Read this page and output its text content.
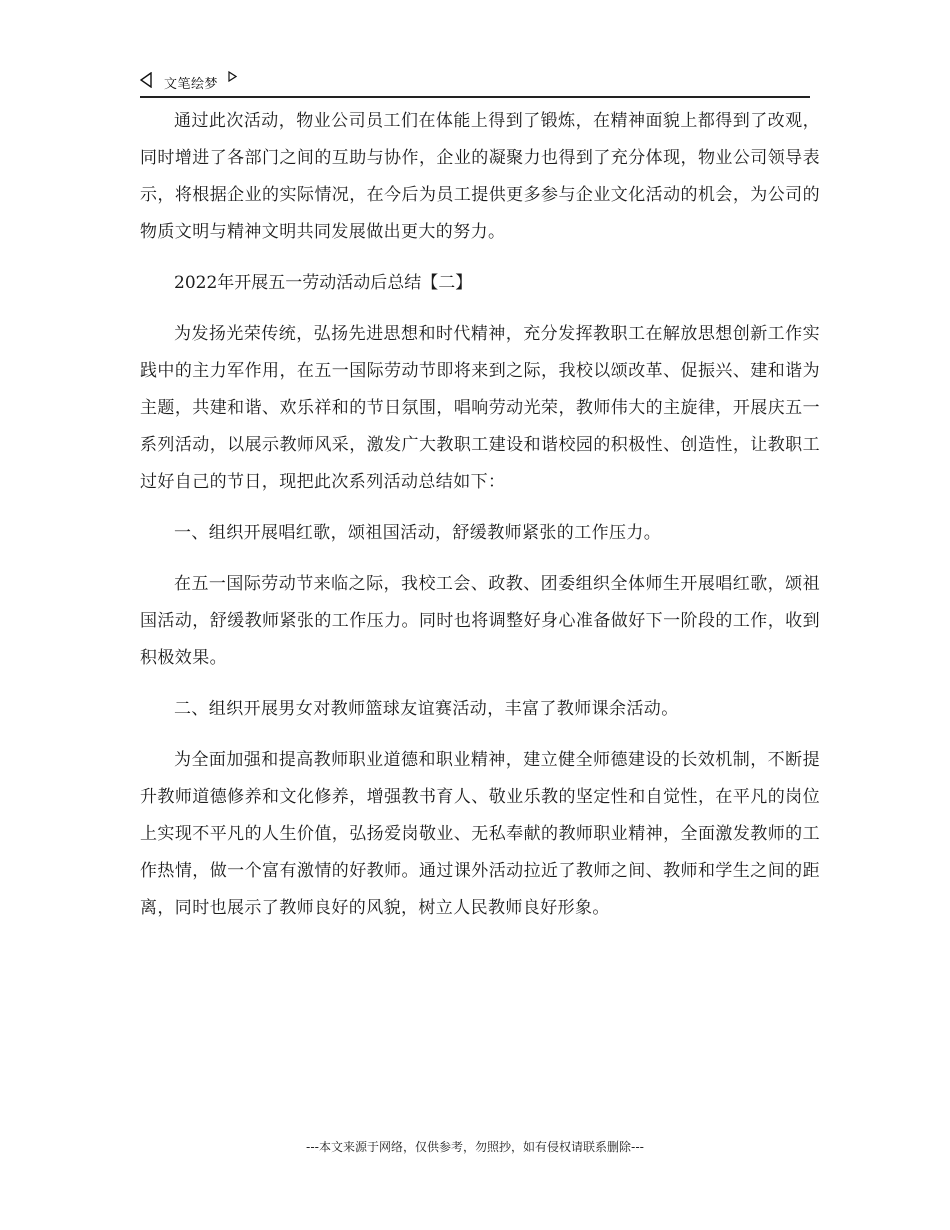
文笔绘梦

通过此次活动，物业公司员工们在体能上得到了锻炼，在精神面貌上都得到了改观，同时增进了各部门之间的互助与协作，企业的凝聚力也得到了充分体现，物业公司领导表示，将根据企业的实际情况，在今后为员工提供更多参与企业文化活动的机会，为公司的物质文明与精神文明共同发展做出更大的努力。

2022年开展五一劳动活动后总结【二】

为发扬光荣传统，弘扬先进思想和时代精神，充分发挥教职工在解放思想创新工作实践中的主力军作用，在五一国际劳动节即将来到之际，我校以颂改革、促振兴、建和谐为主题，共建和谐、欢乐祥和的节日氛围，唱响劳动光荣，教师伟大的主旋律，开展庆五一系列活动，以展示教师风采，激发广大教职工建设和谐校园的积极性、创造性，让教职工过好自己的节日，现把此次系列活动总结如下：

一、组织开展唱红歌，颂祖国活动，舒缓教师紧张的工作压力。

在五一国际劳动节来临之际，我校工会、政教、团委组织全体师生开展唱红歌，颂祖国活动，舒缓教师紧张的工作压力。同时也将调整好身心准备做好下一阶段的工作，收到积极效果。

二、组织开展男女对教师篮球友谊赛活动，丰富了教师课余活动。

为全面加强和提高教师职业道德和职业精神，建立健全师德建设的长效机制，不断提升教师道德修养和文化修养，增强教书育人、敬业乐教的坚定性和自觉性，在平凡的岗位上实现不平凡的人生价值，弘扬爱岗敬业、无私奉献的教师职业精神，全面激发教师的工作热情，做一个富有激情的好教师。通过课外活动拉近了教师之间、教师和学生之间的距离，同时也展示了教师良好的风貌，树立人民教师良好形象。

---本文来源于网络，仅供参考，勿照抄，如有侵权请联系删除---
